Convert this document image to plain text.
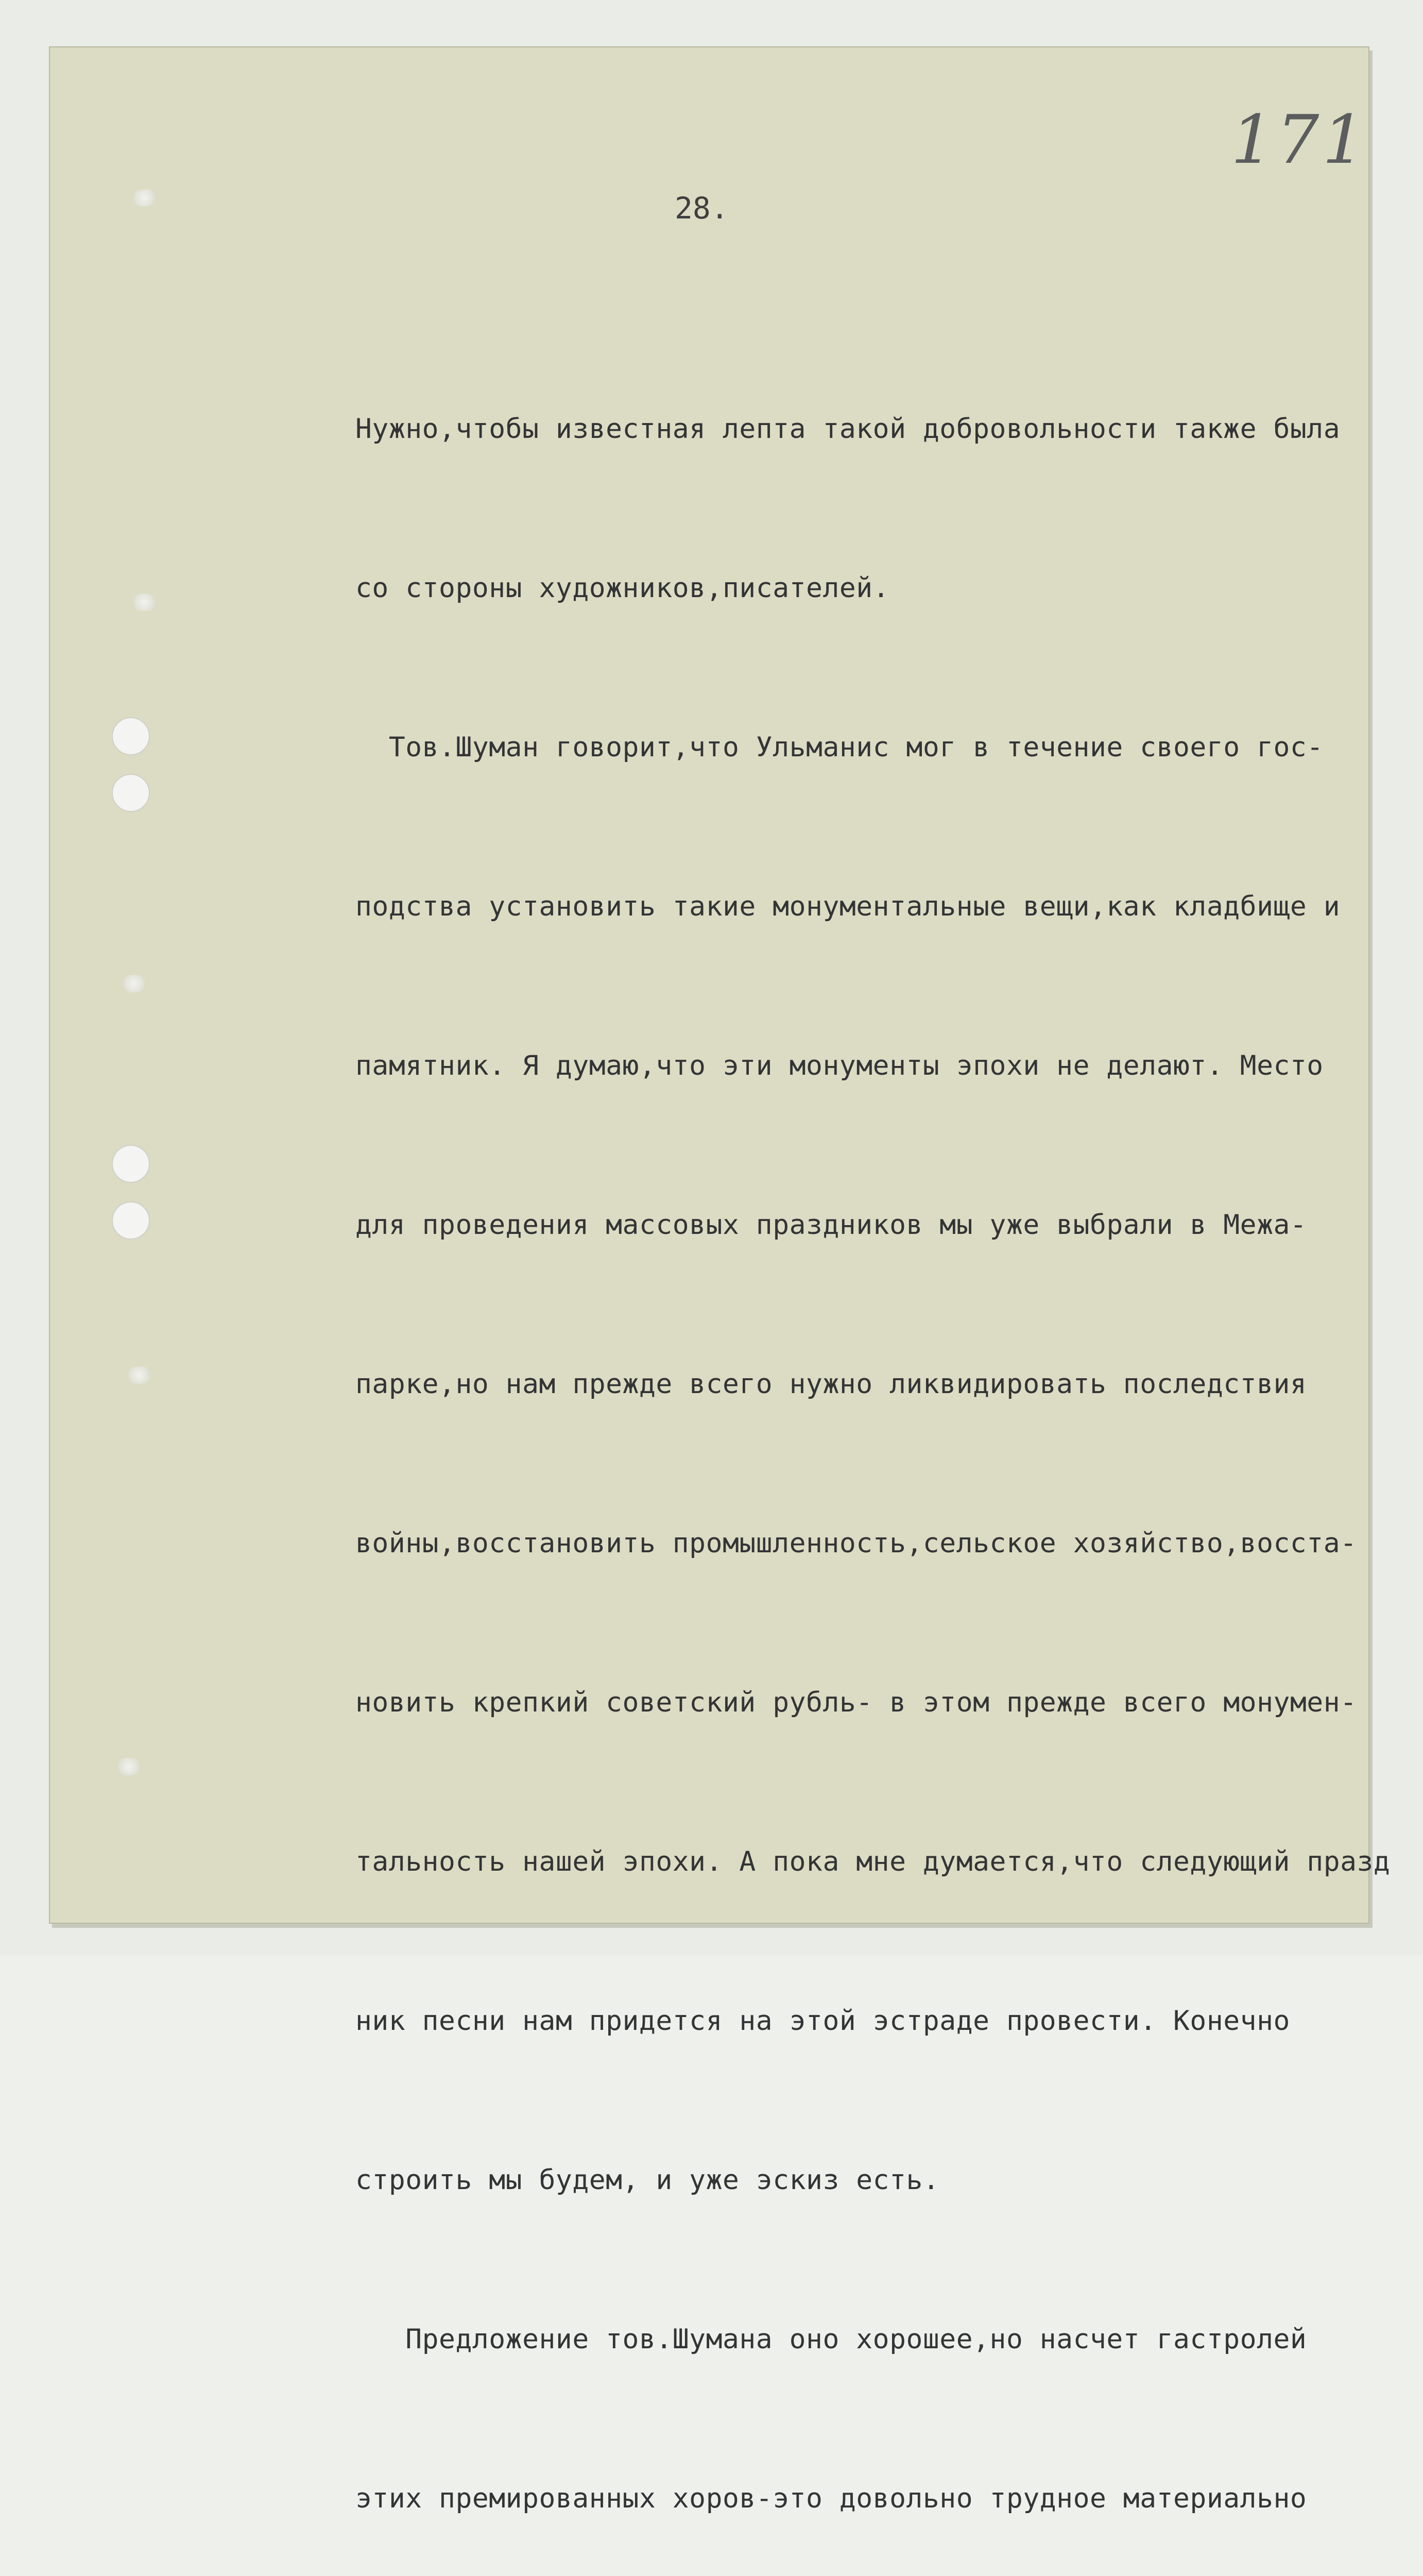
171
28.

Нужно,чтобы известная лепта такой добровольности также была

со стороны художников,писателей.

Тов.Шуман говорит,что Ульманис мог в течение своего гос-

подства установить такие монументальные вещи,как кладбище и

памятник. Я думаю,что эти монументы эпохи не делают. Место

для проведения массовых праздников мы уже выбрали в Межа-

парке,но нам прежде всего нужно ликвидировать последствия

войны,восстановить промышленность,сельское хозяйство,восста-

новить крепкий советский рубль- в этом прежде всего монумен-

тальность нашей эпохи. А пока мне думается,что следующий празд

ник песни нам придется на этой эстраде провести. Конечно

строить мы будем, и уже эскиз есть.

Предложение тов.Шумана оно хорошее,но насчет гастролей

этих премированных хоров-это довольно трудное материально
